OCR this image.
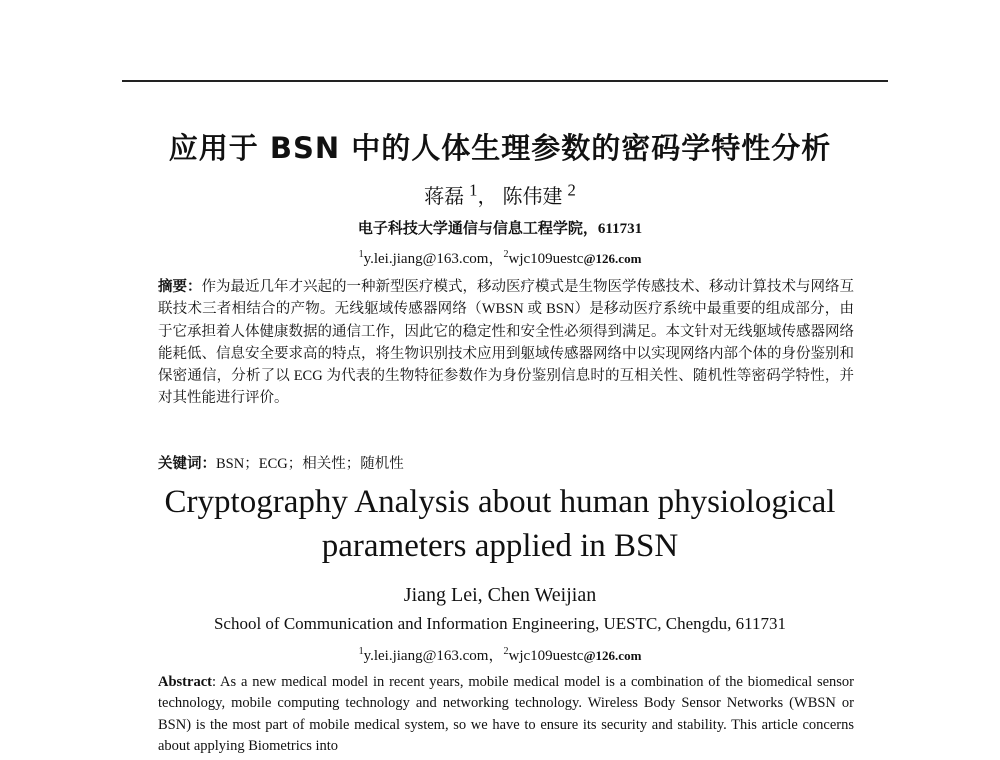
应用于 BSN 中的人体生理参数的密码学特性分析
蒋磊 $^1$， 陈伟建 $^2$
电子科技大学通信与信息工程学院，611731
$^1$y.lei.jiang@163.com，$^2$wjc109uestc@126.com
摘要：作为最近几年才兴起的一种新型医疗模式，移动医疗模式是生物医学传感技术、移动计算技术与网络互联技术三者相结合的产物。无线躯域传感器网络（WBSN 或 BSN）是移动医疗系统中最重要的组成部分，由于它承担着人体健康数据的通信工作，因此它的稳定性和安全性必须得到满足。本文针对无线躯域传感器网络能耗低、信息安全要求高的特点，将生物识别技术应用到躯域传感器网络中以实现网络内部个体的身份鉴别和保密通信，分析了以 ECG 为代表的生物特征参数作为身份鉴别信息时的互相关性、随机性等密码学特性，并对其性能进行评价。
关键词：BSN；ECG；相关性；随机性
Cryptography Analysis about human physiological
parameters applied in BSN
Jiang Lei, Chen Weijian
School of Communication and Information Engineering, UESTC, Chengdu, 611731
$^1$y.lei.jiang@163.com，$^2$wjc109uestc@126.com
Abstract: As a new medical model in recent years, mobile medical model is a combination of the biomedical sensor technology, mobile computing technology and networking technology. Wireless Body Sensor Networks (WBSN or BSN) is the most part of mobile medical system, so we have to ensure its security and stability. This article concerns about applying Biometrics into
